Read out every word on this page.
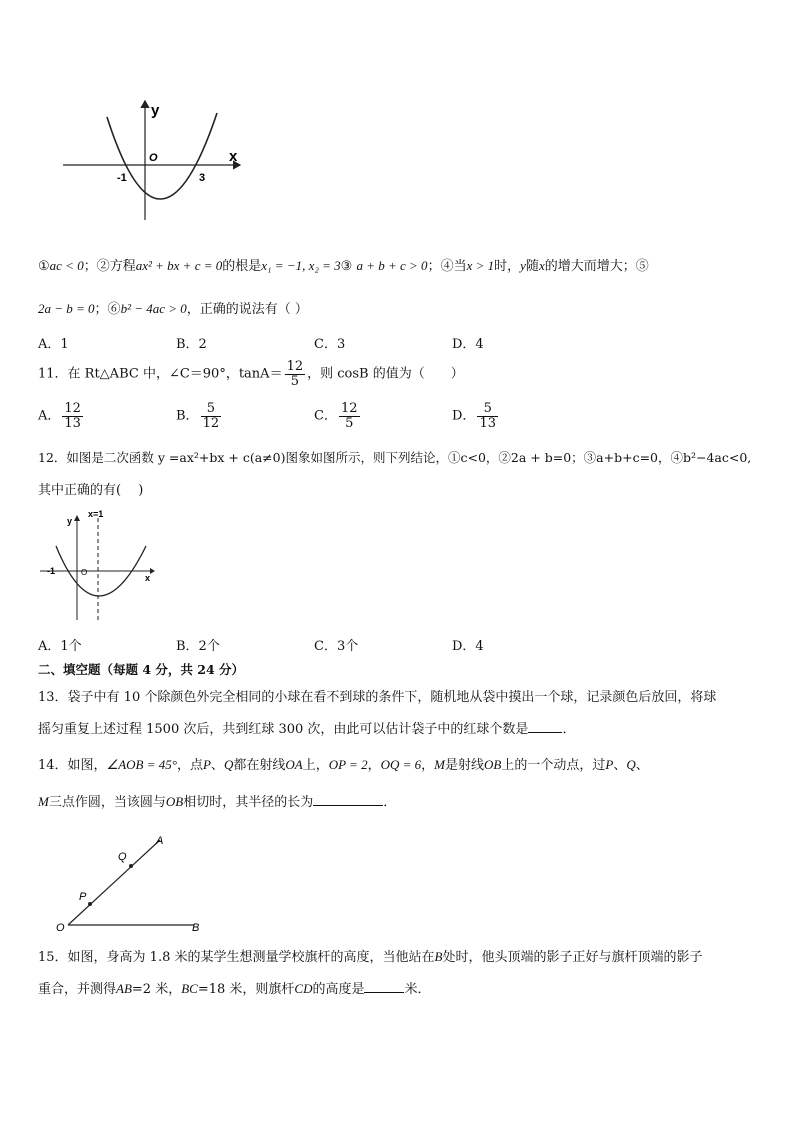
y
x
O
-1	3
①ac < 0；②方程ax² + bx + c = 0的根是x₁ = −1, x₂ = 3③ a + b + c > 0；④当x > 1时，y随x的增大而增大；⑤
2a − b = 0；⑥b² − 4ac > 0，正确的说法有（ ）
A．1	B．2	C．3	D．4
11．在 Rt△ABC 中，∠C＝90°，$\tan A= \frac{12}{5}$ ，则 cosB 的值为（　　）
A． $\frac{12}{13}$	B． $\frac{5}{12}$	C． $\frac{12}{5}$	D． $\frac{5}{13}$
12．如图是二次函数 y =ax²+bx + c(a≠0)图象如图所示，则下列结论，①c<0，②2a + b=0；③a+b+c=0，④b²−4ac<0,
其中正确的有(　 )
y
x=1
x
O
-1
A．1个	B．2个	C．3个	D．4
二、填空题（每题 4 分，共 24 分）
13．袋子中有 10 个除颜色外完全相同的小球在看不到球的条件下，随机地从袋中摸出一个球，记录颜色后放回，将球
摇匀重复上述过程 1500 次后，共到红球 300 次，由此可以估计袋子中的红球个数是	．
14．如图，∠AOB = 45°，点P、Q都在射线OA上，OP = 2，OQ = 6，M是射线OB上的一个动点，过P、Q、
M三点作圆，当该圆与OB相切时，其半径的长为	．
A
Q
P
O	B
15．如图，身高为 1.8 米的某学生想测量学校旗杆的高度，当他站在B处时，他头顶端的影子正好与旗杆顶端的影子
重合，并测得AB=2 米，BC=18 米，则旗杆CD的高度是	米．
